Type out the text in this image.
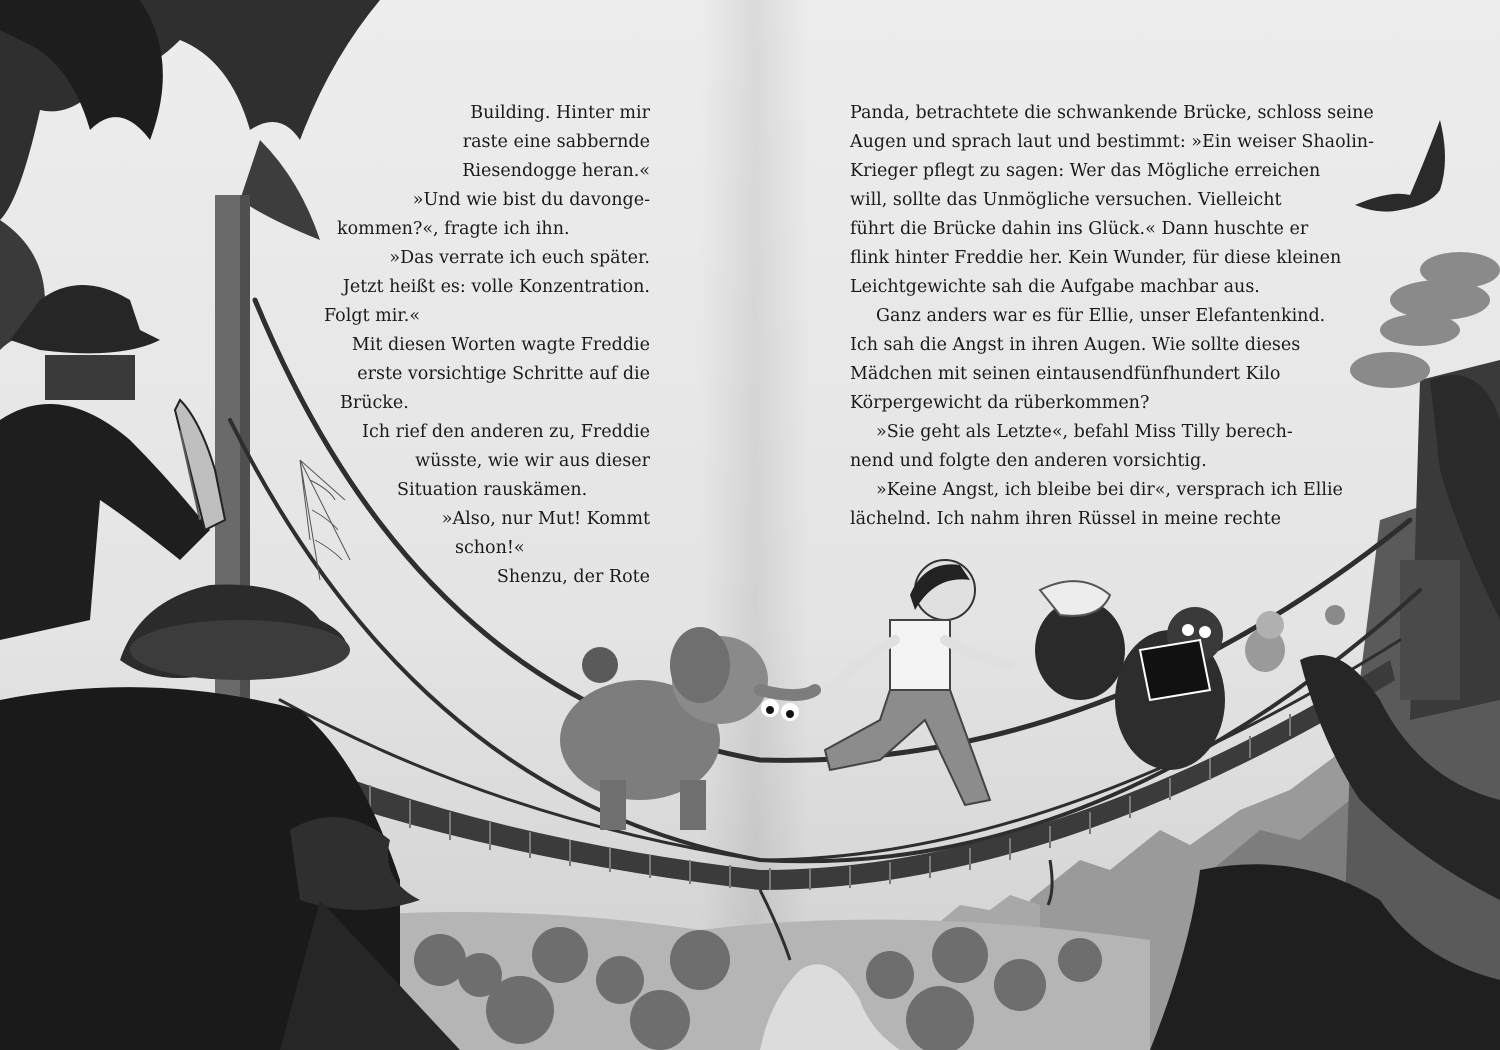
Building. Hinter mir
raste eine sabbernde
Riesendogge heran.«
»Und wie bist du davonge-
kommen?«, fragte ich ihn.
»Das verrate ich euch später.
Jetzt heißt es: volle Konzentration.
Folgt mir.«
Mit diesen Worten wagte Freddie
erste vorsichtige Schritte auf die
Brücke.
Ich rief den anderen zu, Freddie
wüsste, wie wir aus dieser
Situation rauskämen.
»Also, nur Mut! Kommt
schon!«
Shenzu, der Rote
Panda, betrachtete die schwankende Brücke, schloss seine
Augen und sprach laut und bestimmt: »Ein weiser Shaolin-
Krieger pflegt zu sagen: Wer das Mögliche erreichen
will, sollte das Unmögliche versuchen. Vielleicht
führt die Brücke dahin ins Glück.« Dann huschte er
flink hinter Freddie her. Kein Wunder, für diese kleinen
Leichtgewichte sah die Aufgabe machbar aus.
Ganz anders war es für Ellie, unser Elefantenkind.
Ich sah die Angst in ihren Augen. Wie sollte dieses
Mädchen mit seinen eintausendfünfhundert Kilo
Körpergewicht da rüberkommen?
»Sie geht als Letzte«, befahl Miss Tilly berech-
nend und folgte den anderen vorsichtig.
»Keine Angst, ich bleibe bei dir«, versprach ich Ellie
lächelnd. Ich nahm ihren Rüssel in meine rechte
